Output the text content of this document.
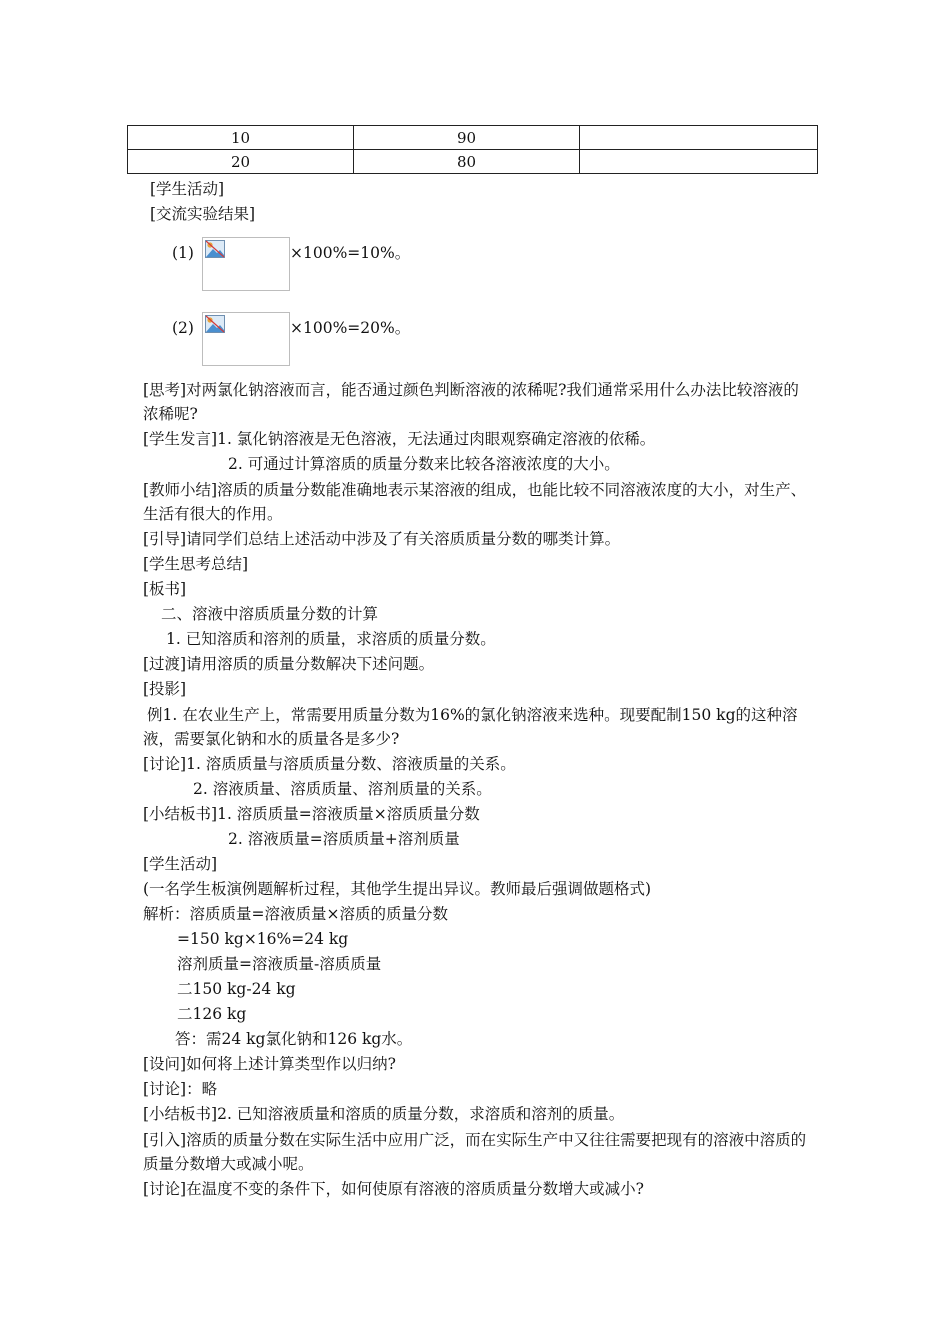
10	90	
20	80	
[学生活动]
[交流实验结果]
(1)	×100%=10%。
(2)	×100%=20%。
[思考]对两氯化钠溶液而言，能否通过颜色判断溶液的浓稀呢?我们通常采用什么办法比较溶液的浓稀呢?
[学生发言]1. 氯化钠溶液是无色溶液，无法通过肉眼观察确定溶液的依稀。
2. 可通过计算溶质的质量分数来比较各溶液浓度的大小。
[教师小结]溶质的质量分数能准确地表示某溶液的组成，也能比较不同溶液浓度的大小，对生产、生活有很大的作用。
[引导]请同学们总结上述活动中涉及了有关溶质质量分数的哪类计算。
[学生思考总结]
[板书]
二、溶液中溶质质量分数的计算
1. 已知溶质和溶剂的质量，求溶质的质量分数。
[过渡]请用溶质的质量分数解决下述问题。
[投影]
例1. 在农业生产上，常需要用质量分数为16%的氯化钠溶液来选种。现要配制150 kg的这种溶液，需要氯化钠和水的质量各是多少?
[讨论]1. 溶质质量与溶质质量分数、溶液质量的关系。
2. 溶液质量、溶质质量、溶剂质量的关系。
[小结板书]1. 溶质质量=溶液质量×溶质质量分数
2. 溶液质量=溶质质量+溶剂质量
[学生活动]
(一名学生板演例题解析过程，其他学生提出异议。教师最后强调做题格式)
解析：溶质质量=溶液质量×溶质的质量分数
=150 kg×16%=24 kg
溶剂质量=溶液质量-溶质质量
二150 kg-24 kg
二126 kg
答：需24 kg氯化钠和126 kg水。
[设问]如何将上述计算类型作以归纳?
[讨论]：略
[小结板书]2. 已知溶液质量和溶质的质量分数，求溶质和溶剂的质量。
[引入]溶质的质量分数在实际生活中应用广泛，而在实际生产中又往往需要把现有的溶液中溶质的质量分数增大或减小呢。
[讨论]在温度不变的条件下，如何使原有溶液的溶质质量分数增大或减小?
